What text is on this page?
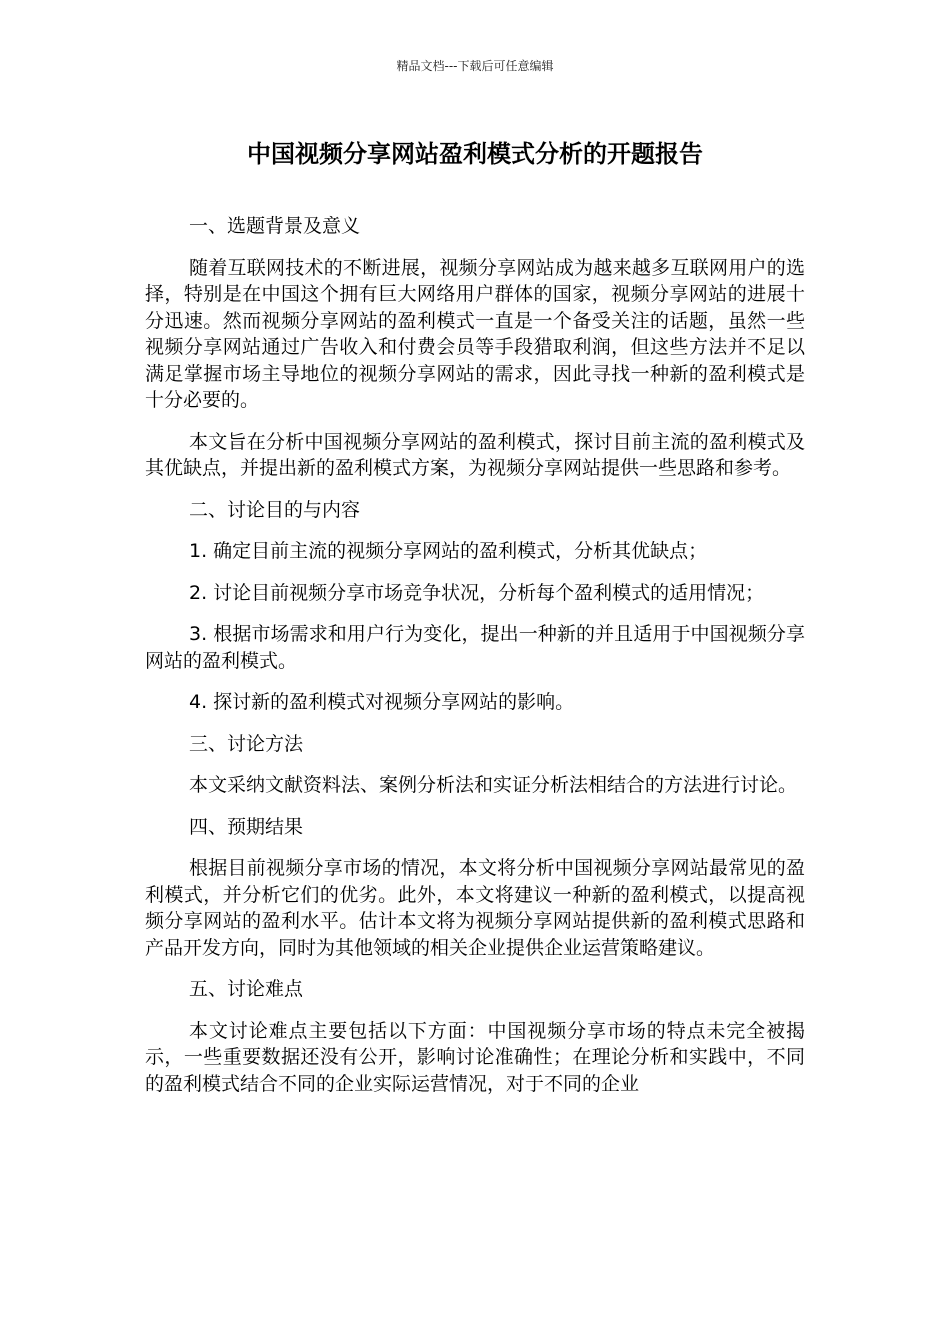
精品文档---下载后可任意编辑
中国视频分享网站盈利模式分析的开题报告

一、选题背景及意义

随着互联网技术的不断进展，视频分享网站成为越来越多互联网用户的选择，特别是在中国这个拥有巨大网络用户群体的国家，视频分享网站的进展十分迅速。然而视频分享网站的盈利模式一直是一个备受关注的话题，虽然一些视频分享网站通过广告收入和付费会员等手段猎取利润，但这些方法并不足以满足掌握市场主导地位的视频分享网站的需求，因此寻找一种新的盈利模式是十分必要的。

本文旨在分析中国视频分享网站的盈利模式，探讨目前主流的盈利模式及其优缺点，并提出新的盈利模式方案，为视频分享网站提供一些思路和参考。

二、讨论目的与内容

1. 确定目前主流的视频分享网站的盈利模式，分析其优缺点；

2. 讨论目前视频分享市场竞争状况，分析每个盈利模式的适用情况；

3. 根据市场需求和用户行为变化，提出一种新的并且适用于中国视频分享网站的盈利模式。

4. 探讨新的盈利模式对视频分享网站的影响。

三、讨论方法

本文采纳文献资料法、案例分析法和实证分析法相结合的方法进行讨论。

四、预期结果

根据目前视频分享市场的情况，本文将分析中国视频分享网站最常见的盈利模式，并分析它们的优劣。此外，本文将建议一种新的盈利模式，以提高视频分享网站的盈利水平。估计本文将为视频分享网站提供新的盈利模式思路和产品开发方向，同时为其他领域的相关企业提供企业运营策略建议。

五、讨论难点

本文讨论难点主要包括以下方面：中国视频分享市场的特点未完全被揭示，一些重要数据还没有公开，影响讨论准确性；在理论分析和实践中，不同的盈利模式结合不同的企业实际运营情况，对于不同的企业
